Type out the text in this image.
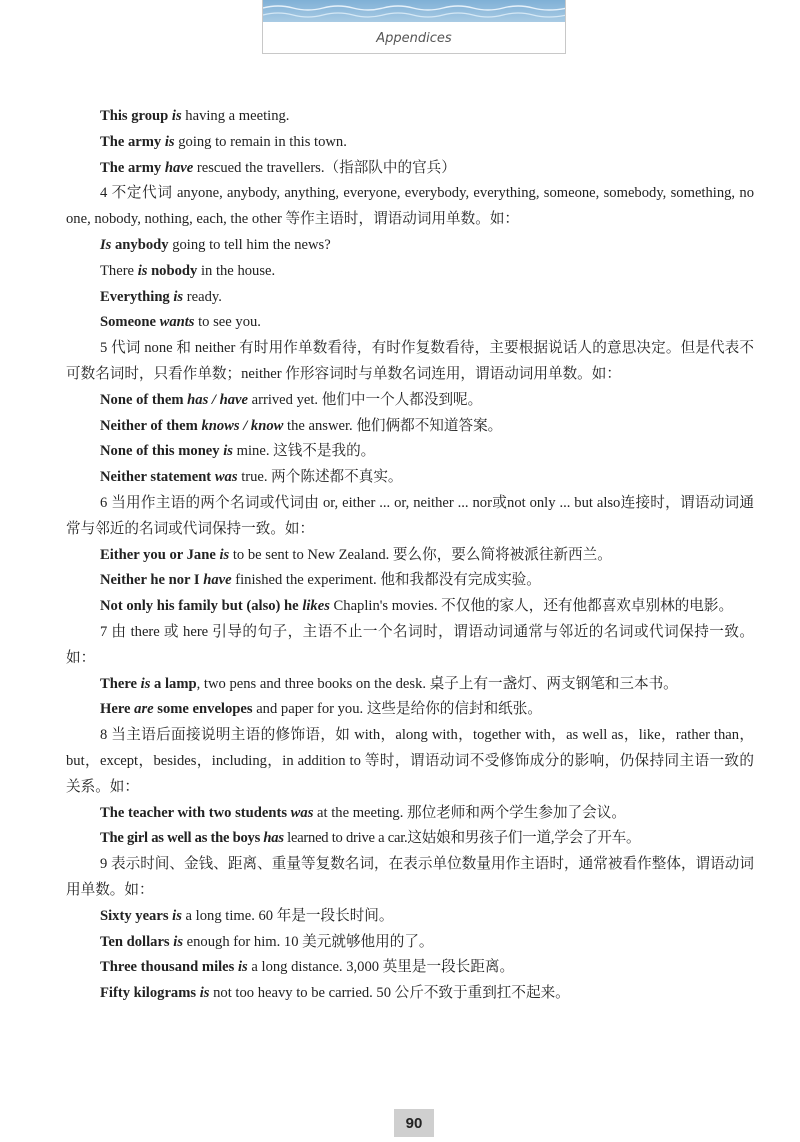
Appendices
This group is having a meeting.
The army is going to remain in this town.
The army have rescued the travellers.（指部队中的官兵）
4 不定代词 anyone, anybody, anything, everyone, everybody, everything, someone, somebody, something, no one, nobody, nothing, each, the other 等作主语时，谓语动词用单数。如：
Is anybody going to tell him the news?
There is nobody in the house.
Everything is ready.
Someone wants to see you.
5 代词 none 和 neither 有时用作单数看待，有时作复数看待，主要根据说话人的意思决定。但是代表不可数名词时，只看作单数；neither 作形容词时与单数名词连用，谓语动词用单数。如：
None of them has / have arrived yet. 他们中一个人都没到呢。
Neither of them knows / know the answer. 他们俩都不知道答案。
None of this money is mine. 这钱不是我的。
Neither statement was true. 两个陈述都不真实。
6 当用作主语的两个名词或代词由 or, either ... or, neither ... nor或not only ... but also连接时，谓语动词通常与邻近的名词或代词保持一致。如：
Either you or Jane is to be sent to New Zealand. 要么你，要么简将被派往新西兰。
Neither he nor I have finished the experiment. 他和我都没有完成实验。
Not only his family but (also) he likes Chaplin's movies. 不仅他的家人，还有他都喜欢卓别林的电影。
7 由 there 或 here 引导的句子，主语不止一个名词时，谓语动词通常与邻近的名词或代词保持一致。如：
There is a lamp, two pens and three books on the desk. 桌子上有一盏灯、两支钢笔和三本书。
Here are some envelopes and paper for you. 这些是给你的信封和纸张。
8 当主语后面接说明主语的修饰语，如 with，along with，together with，as well as，like，rather than，but，except，besides，including，in addition to 等时，谓语动词不受修饰成分的影响，仍保持同主语一致的关系。如：
The teacher with two students was at the meeting. 那位老师和两个学生参加了会议。
The girl as well as the boys has learned to drive a car.这姑娘和男孩子们一道,学会了开车。
9 表示时间、金钱、距离、重量等复数名词，在表示单位数量用作主语时，通常被看作整体，谓语动词用单数。如：
Sixty years is a long time. 60 年是一段长时间。
Ten dollars is enough for him. 10 美元就够他用的了。
Three thousand miles is a long distance. 3,000 英里是一段长距离。
Fifty kilograms is not too heavy to be carried. 50 公斤不致于重到扛不起来。
90
